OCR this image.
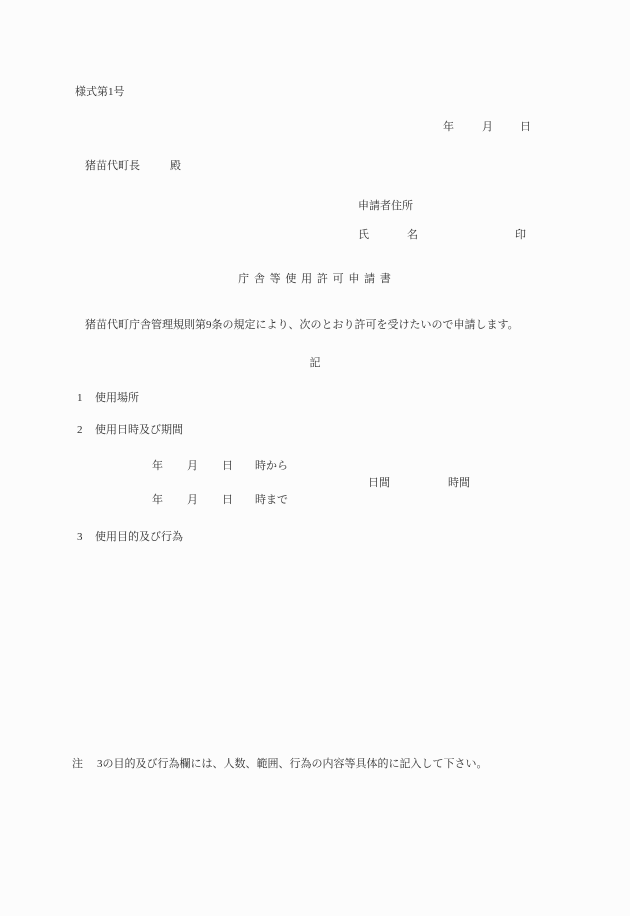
様式第1号
年	月 日
猪苗代町長	殿
申請者住所
氏	名	印
庁 舎 等 使 用 許 可 申 請 書
猪苗代町庁舎管理規則第9条の規定により、次のとおり許可を受けたいので申請します。
記
1 使用場所
2 使用日時及び期間
年 月 日 時から
日間	時間
年 月 日 時まで
3 使用目的及び行為
注 3の目的及び行為欄には、人数、範囲、行為の内容等具体的に記入して下さい。
